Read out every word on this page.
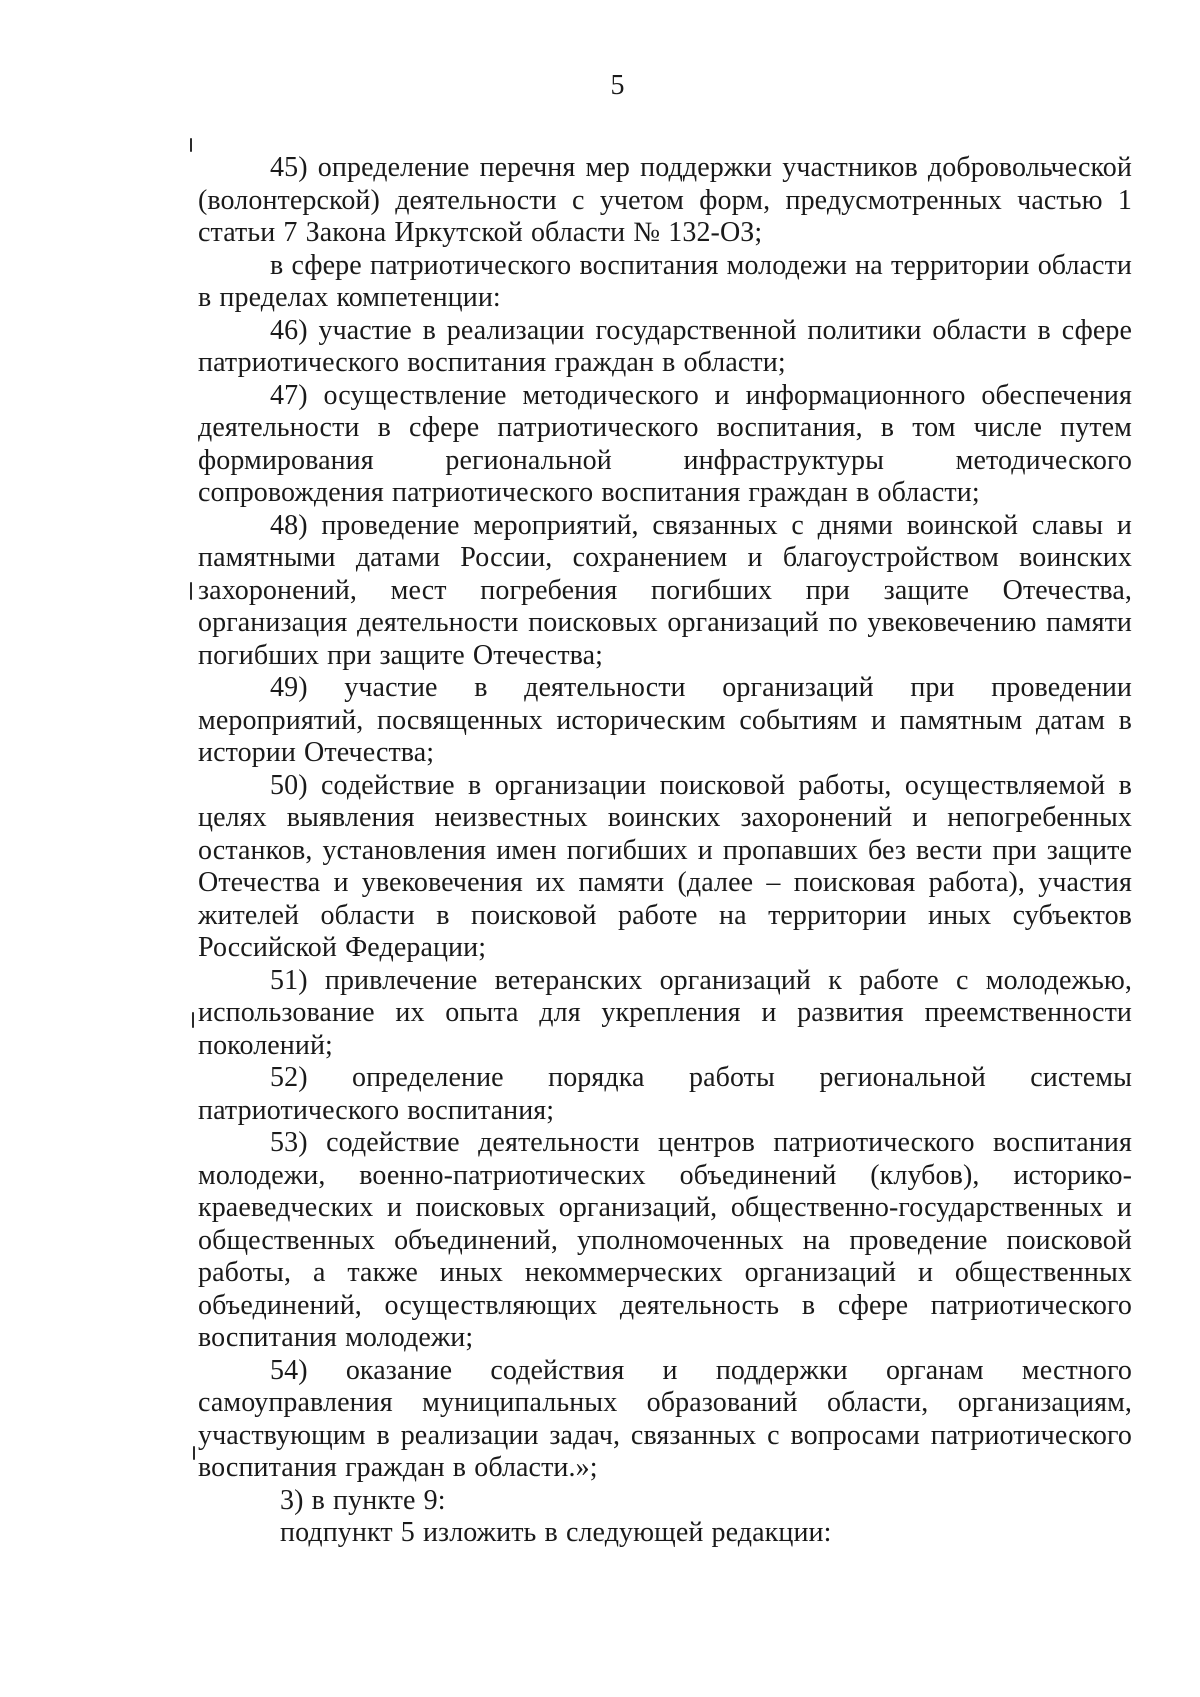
5

45) определение перечня мер поддержки участников добровольческой (волонтерской) деятельности с учетом форм, предусмотренных частью 1 статьи 7 Закона Иркутской области № 132-ОЗ;

в сфере патриотического воспитания молодежи на территории области в пределах компетенции:

46) участие в реализации государственной политики области в сфере патриотического воспитания граждан в области;

47) осуществление методического и информационного обеспечения деятельности в сфере патриотического воспитания, в том числе путем формирования региональной инфраструктуры методического сопровождения патриотического воспитания граждан в области;

48) проведение мероприятий, связанных с днями воинской славы и памятными датами России, сохранением и благоустройством воинских захоронений, мест погребения погибших при защите Отечества, организация деятельности поисковых организаций по увековечению памяти погибших при защите Отечества;

49) участие в деятельности организаций при проведении мероприятий, посвященных историческим событиям и памятным датам в истории Отечества;

50) содействие в организации поисковой работы, осуществляемой в целях выявления неизвестных воинских захоронений и непогребенных останков, установления имен погибших и пропавших без вести при защите Отечества и увековечения их памяти (далее – поисковая работа), участия жителей области в поисковой работе на территории иных субъектов Российской Федерации;

51) привлечение ветеранских организаций к работе с молодежью, использование их опыта для укрепления и развития преемственности поколений;

52) определение порядка работы региональной системы патриотического воспитания;

53) содействие деятельности центров патриотического воспитания молодежи, военно-патриотических объединений (клубов), историко-краеведческих и поисковых организаций, общественно-государственных и общественных объединений, уполномоченных на проведение поисковой работы, а также иных некоммерческих организаций и общественных объединений, осуществляющих деятельность в сфере патриотического воспитания молодежи;

54) оказание содействия и поддержки органам местного самоуправления муниципальных образований области, организациям, участвующим в реализации задач, связанных с вопросами патриотического воспитания граждан в области.»;

3) в пункте 9:

подпункт 5 изложить в следующей редакции:
